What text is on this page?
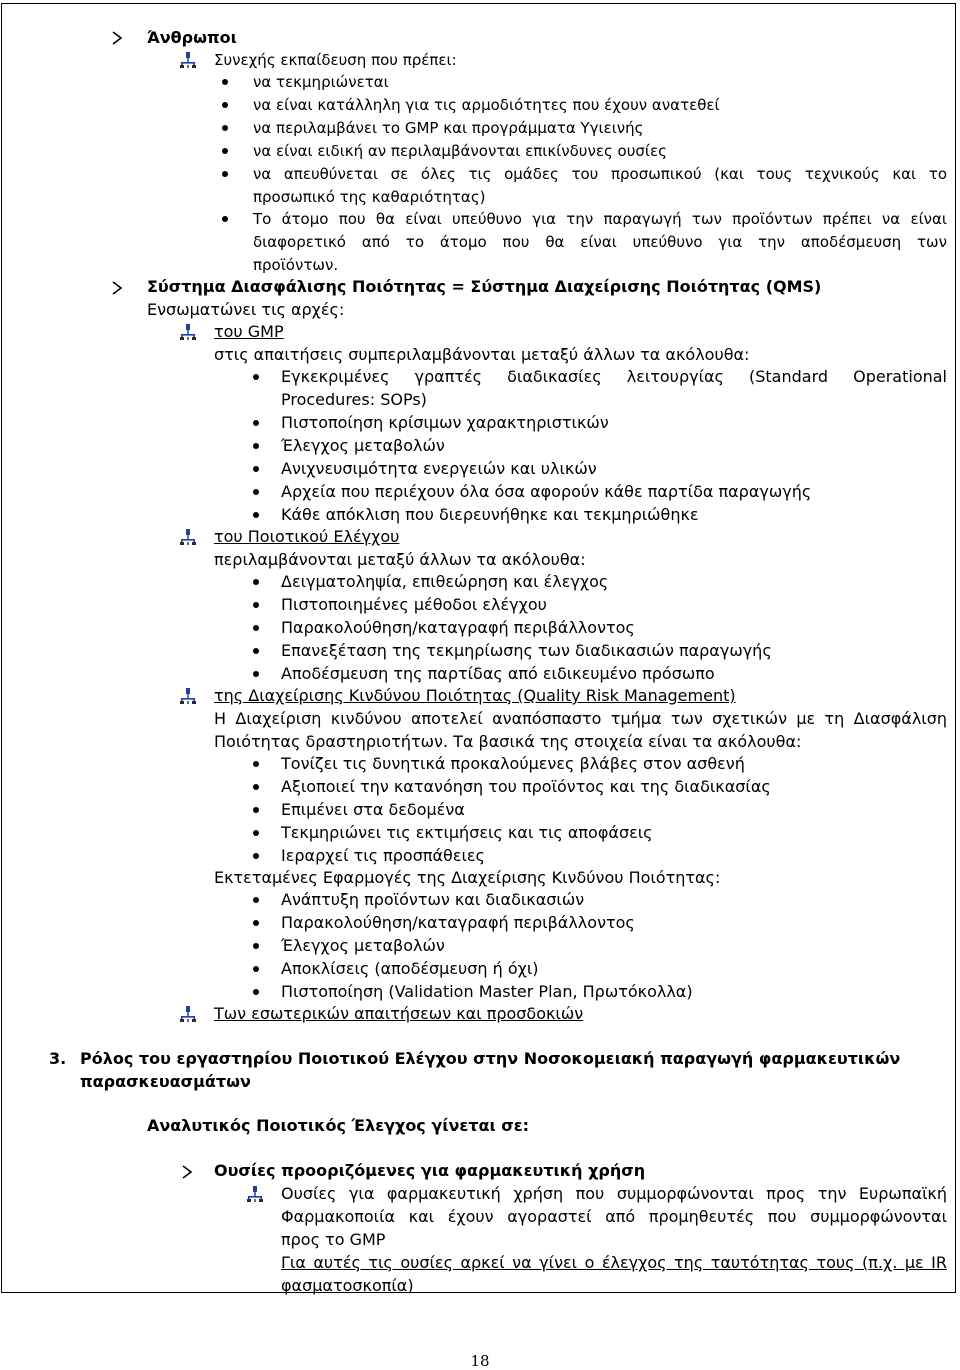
Άνθρωποι
Συνεχής εκπαίδευση που πρέπει:
να τεκμηριώνεται
να είναι κατάλληλη για τις αρμοδιότητες που έχουν ανατεθεί
να περιλαμβάνει το GMP και προγράμματα Υγιεινής
να είναι ειδική αν περιλαμβάνονται επικίνδυνες ουσίες
να απευθύνεται σε όλες τις ομάδες του προσωπικού (και τους τεχνικούς και το
προσωπικό της καθαριότητας)
Το άτομο που θα είναι υπεύθυνο για την παραγωγή των προϊόντων πρέπει να είναι
διαφορετικό από το άτομο που θα είναι υπεύθυνο για την αποδέσμευση των
προϊόντων.
Σύστημα Διασφάλισης Ποιότητας = Σύστημα Διαχείρισης Ποιότητας (QMS)
Ενσωματώνει τις αρχές:
του GMP
στις απαιτήσεις συμπεριλαμβάνονται μεταξύ άλλων τα ακόλουθα:
Εγκεκριμένες γραπτές διαδικασίες λειτουργίας (Standard Operational
Procedures: SOPs)
Πιστοποίηση κρίσιμων χαρακτηριστικών
Έλεγχος μεταβολών
Ανιχνευσιμότητα ενεργειών και υλικών
Αρχεία που περιέχουν όλα όσα αφορούν κάθε παρτίδα παραγωγής
Κάθε απόκλιση που διερευνήθηκε και τεκμηριώθηκε
του Ποιοτικού Ελέγχου
περιλαμβάνονται μεταξύ άλλων τα ακόλουθα:
Δειγματοληψία, επιθεώρηση και έλεγχος
Πιστοποιημένες μέθοδοι ελέγχου
Παρακολούθηση/καταγραφή περιβάλλοντος
Επανεξέταση της τεκμηρίωσης των διαδικασιών παραγωγής
Αποδέσμευση της παρτίδας από ειδικευμένο πρόσωπο
της Διαχείρισης Κινδύνου Ποιότητας (Quality Risk Management)
Η Διαχείριση κινδύνου αποτελεί αναπόσπαστο τμήμα των σχετικών με τη Διασφάλιση
Ποιότητας δραστηριοτήτων. Τα βασικά της στοιχεία είναι τα ακόλουθα:
Τονίζει τις δυνητικά προκαλούμενες βλάβες στον ασθενή
Αξιοποιεί την κατανόηση του προϊόντος και της διαδικασίας
Επιμένει στα δεδομένα
Τεκμηριώνει τις εκτιμήσεις και τις αποφάσεις
Ιεραρχεί τις προσπάθειες
Εκτεταμένες Εφαρμογές της Διαχείρισης Κινδύνου Ποιότητας:
Ανάπτυξη προϊόντων και διαδικασιών
Παρακολούθηση/καταγραφή περιβάλλοντος
Έλεγχος μεταβολών
Αποκλίσεις (αποδέσμευση ή όχι)
Πιστοποίηση (Validation Master Plan, Πρωτόκολλα)
Των εσωτερικών απαιτήσεων και προσδοκιών
3. Ρόλος του εργαστηρίου Ποιοτικού Ελέγχου στην Νοσοκομειακή παραγωγή φαρμακευτικών
παρασκευασμάτων
Αναλυτικός Ποιοτικός Έλεγχος γίνεται σε:
Ουσίες προοριζόμενες για φαρμακευτική χρήση
Ουσίες για φαρμακευτική χρήση που συμμορφώνονται προς την Ευρωπαϊκή
Φαρμακοποιία και έχουν αγοραστεί από προμηθευτές που συμμορφώνονται
προς το GMP
Για αυτές τις ουσίες αρκεί να γίνει ο έλεγχος της ταυτότητας τους (π.χ. με IR
φασματοσκοπία)
18
